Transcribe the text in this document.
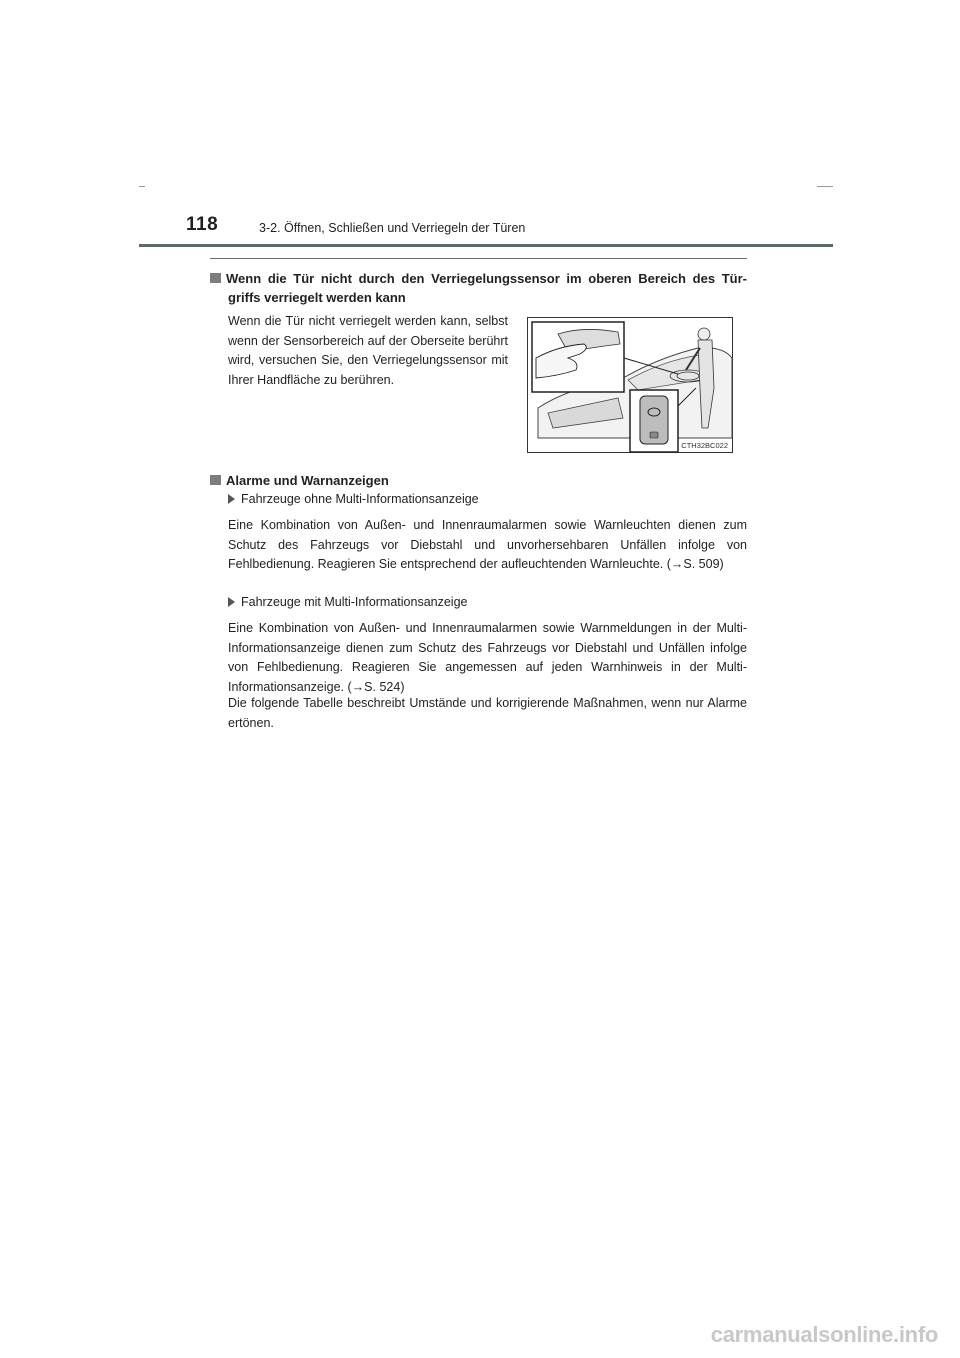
118	3-2. Öffnen, Schließen und Verriegeln der Türen
Wenn die Tür nicht durch den Verriegelungssensor im oberen Bereich des Tür-
griffs verriegelt werden kann

Wenn die Tür nicht verriegelt werden kann, selbst wenn der Sensorbereich auf der Oberseite berührt wird, versuchen Sie, den Verriegelungssensor mit Ihrer Handfläche zu berühren.

CTH32BC022
Alarme und Warnanzeigen
Fahrzeuge ohne Multi-Informationsanzeige

Eine Kombination von Außen- und Innenraumalarmen sowie Warnleuchten dienen zum Schutz des Fahrzeugs vor Diebstahl und unvorhersehbaren Unfällen infolge von Fehlbedienung. Reagieren Sie entsprechend der aufleuchtenden Warnleuchte. (→S. 509)

Fahrzeuge mit Multi-Informationsanzeige

Eine Kombination von Außen- und Innenraumalarmen sowie Warnmeldungen in der Multi-Informationsanzeige dienen zum Schutz des Fahrzeugs vor Diebstahl und Unfällen infolge von Fehlbedienung. Reagieren Sie angemessen auf jeden Warnhinweis in der Multi-Informationsanzeige. (→S. 524)

Die folgende Tabelle beschreibt Umstände und korrigierende Maßnahmen, wenn nur Alarme ertönen.

carmanualsonline.info
